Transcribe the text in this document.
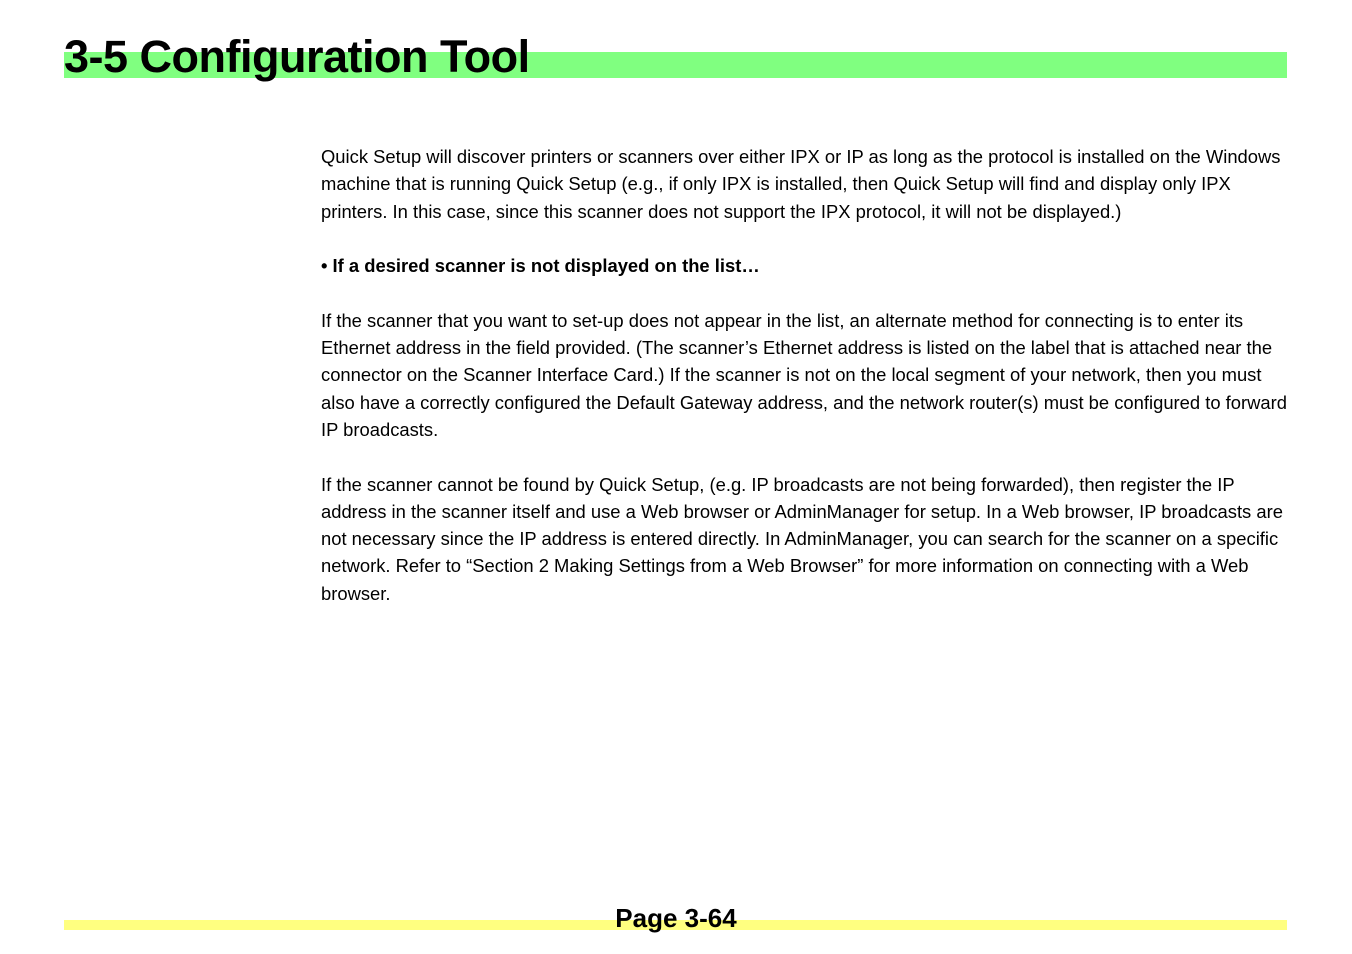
3-5 Configuration Tool

Quick Setup will discover printers or scanners over either IPX or IP as long as the protocol is installed on the Windows machine that is running Quick Setup (e.g., if only IPX is installed, then Quick Setup will find and display only IPX printers. In this case, since this scanner does not support the IPX protocol, it will not be displayed.)

• If a desired scanner is not displayed on the list…

If the scanner that you want to set-up does not appear in the list, an alternate method for connecting is to enter its Ethernet address in the field provided. (The scanner’s Ethernet address is listed on the label that is attached near the connector on the Scanner Interface Card.) If the scanner is not on the local segment of your network, then you must also have a correctly configured the Default Gateway address, and the network router(s) must be configured to forward IP broadcasts.

If the scanner cannot be found by Quick Setup, (e.g. IP broadcasts are not being forwarded), then register the IP address in the scanner itself and use a Web browser or AdminManager for setup. In a Web browser, IP broadcasts are not necessary since the IP address is entered directly. In AdminManager, you can search for the scanner on a specific network. Refer to “Section 2 Making Settings from a Web Browser” for more information on connecting with a Web browser.

Page 3-64
